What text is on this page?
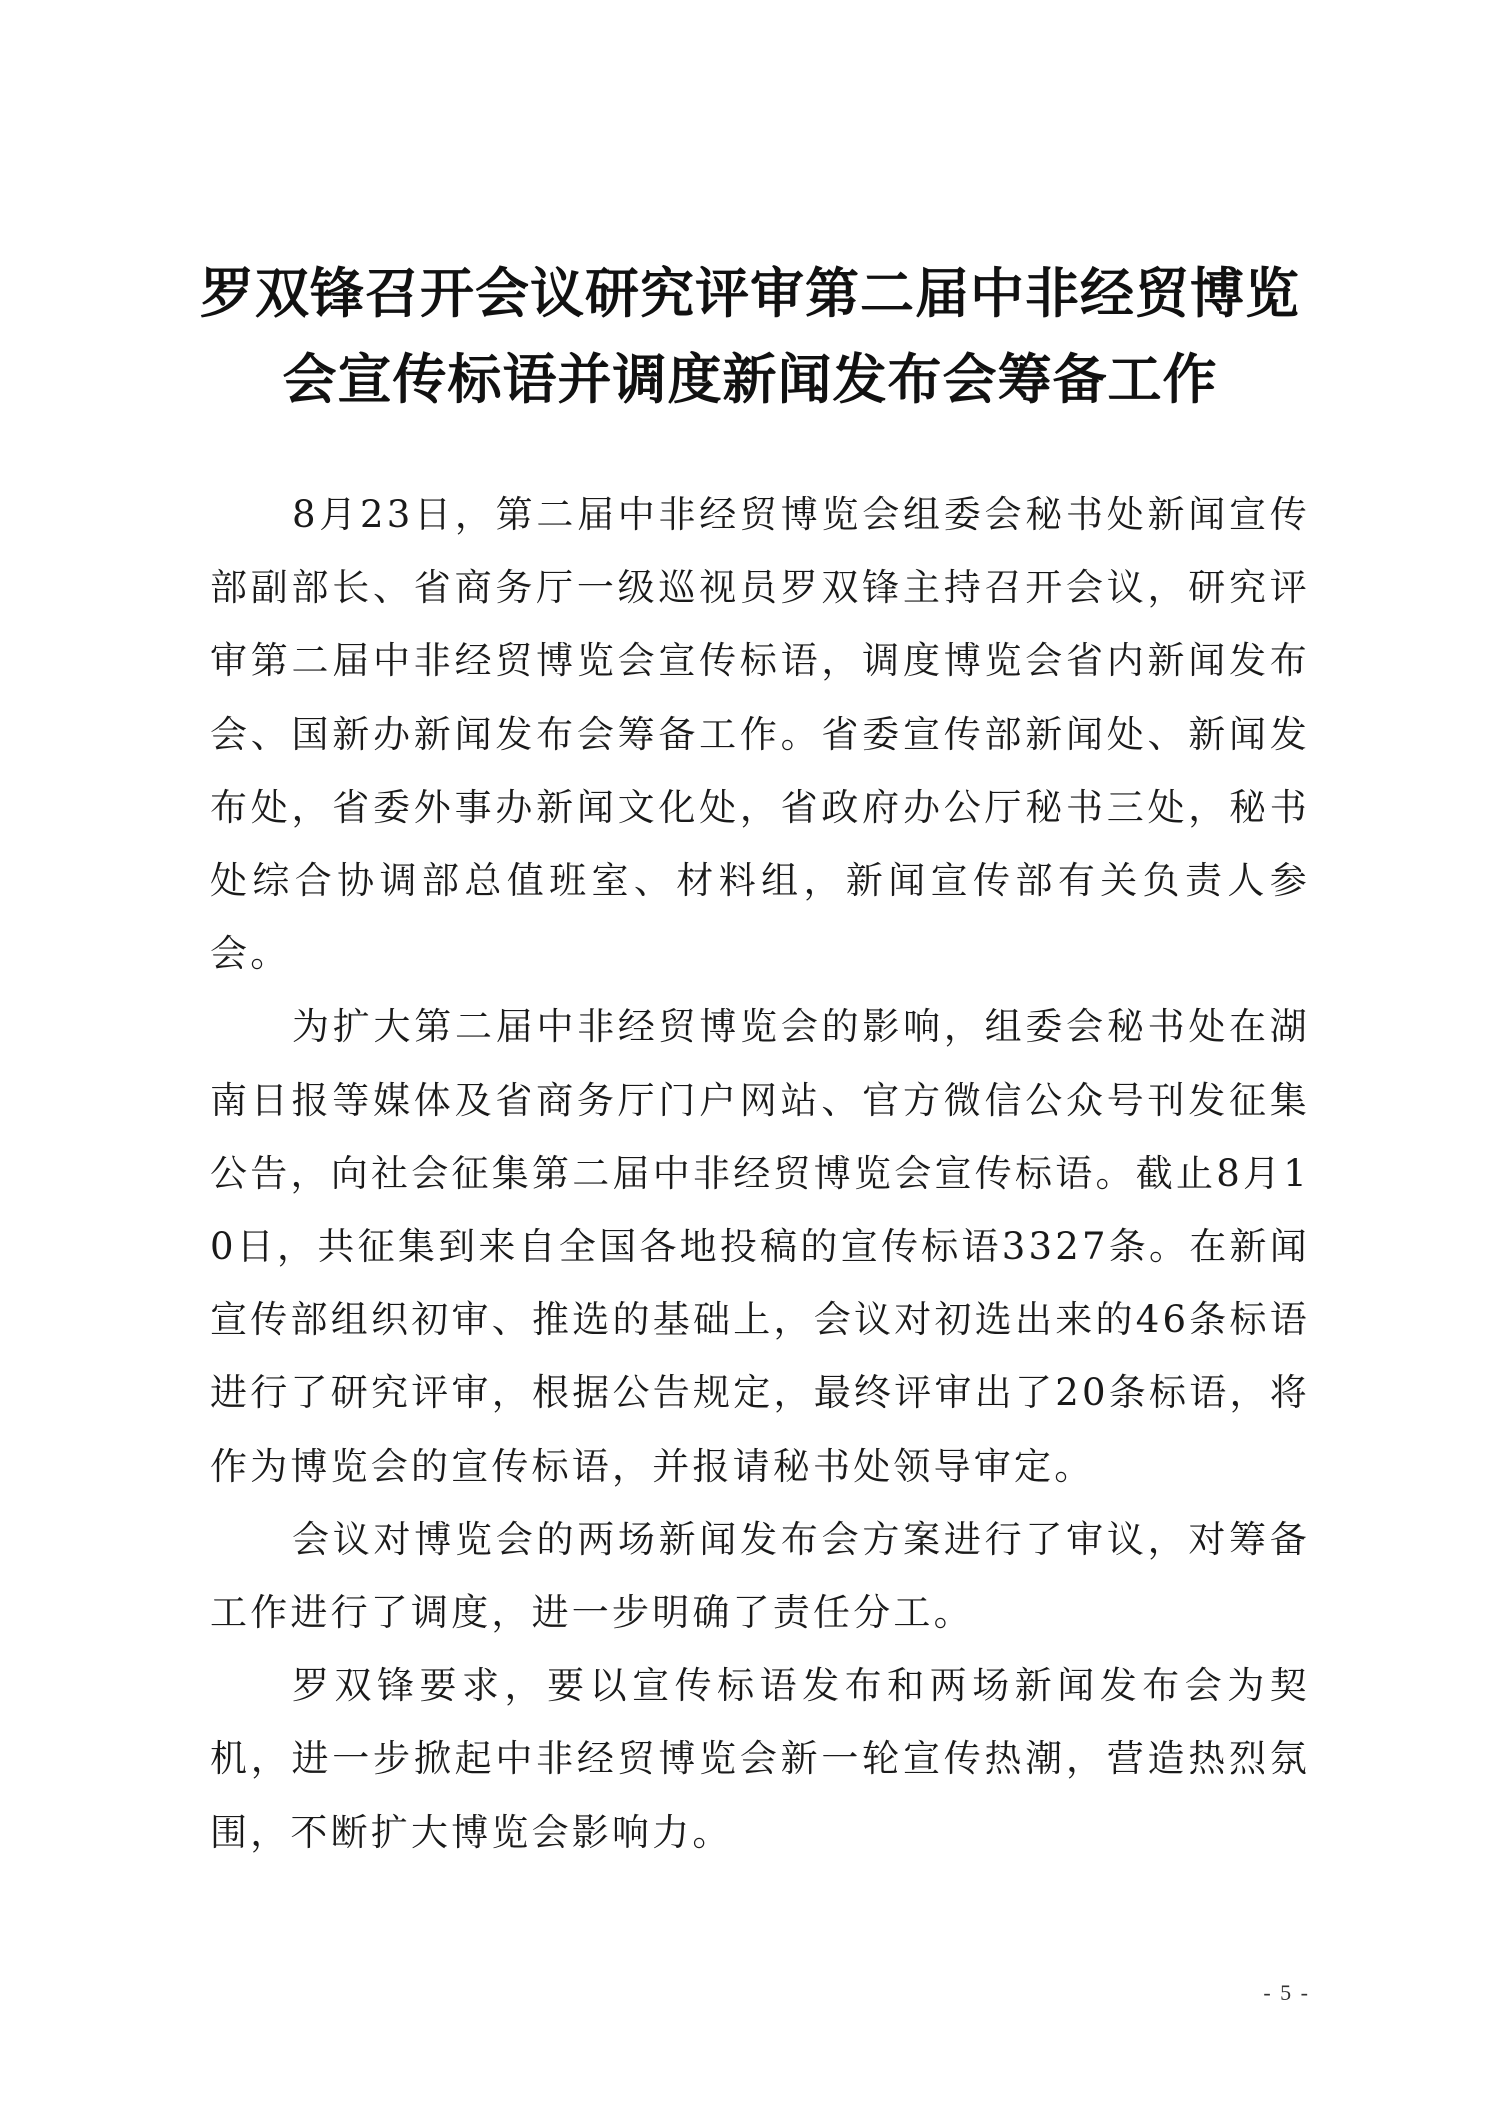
罗双锋召开会议研究评审第二届中非经贸博览
会宣传标语并调度新闻发布会筹备工作

8月23日，第二届中非经贸博览会组委会秘书处新闻宣传部副部长、省商务厅一级巡视员罗双锋主持召开会议，研究评审第二届中非经贸博览会宣传标语，调度博览会省内新闻发布会、国新办新闻发布会筹备工作。省委宣传部新闻处、新闻发布处，省委外事办新闻文化处，省政府办公厅秘书三处，秘书处综合协调部总值班室、材料组，新闻宣传部有关负责人参会。

为扩大第二届中非经贸博览会的影响，组委会秘书处在湖南日报等媒体及省商务厅门户网站、官方微信公众号刊发征集公告，向社会征集第二届中非经贸博览会宣传标语。截止8月10日，共征集到来自全国各地投稿的宣传标语3327条。在新闻宣传部组织初审、推选的基础上，会议对初选出来的46条标语进行了研究评审，根据公告规定，最终评审出了20条标语，将作为博览会的宣传标语，并报请秘书处领导审定。

会议对博览会的两场新闻发布会方案进行了审议，对筹备工作进行了调度，进一步明确了责任分工。

罗双锋要求，要以宣传标语发布和两场新闻发布会为契机，进一步掀起中非经贸博览会新一轮宣传热潮，营造热烈氛围，不断扩大博览会影响力。

- 5 -
